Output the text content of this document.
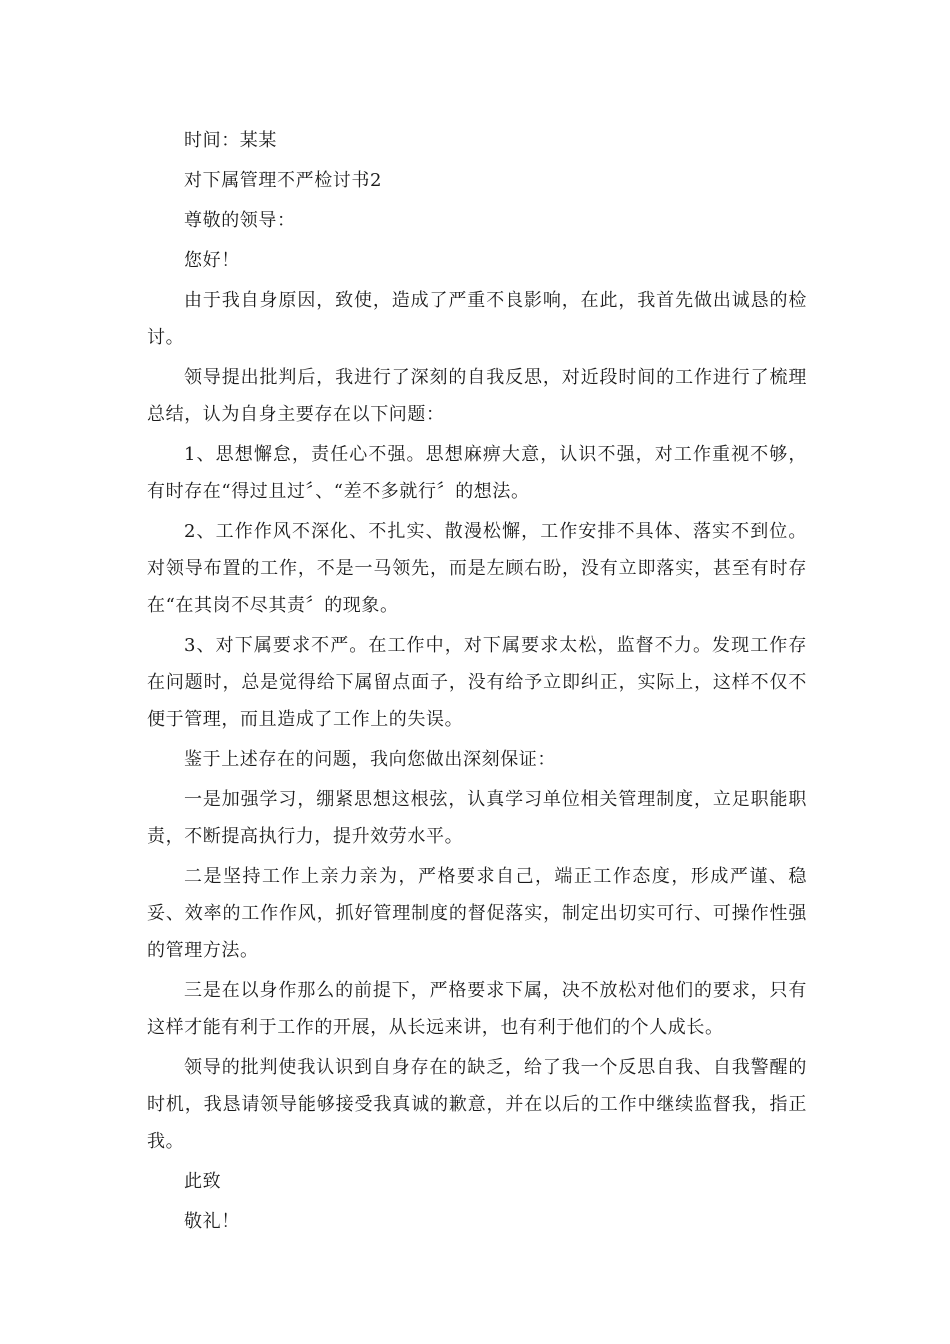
时间：某某

对下属管理不严检讨书2

尊敬的领导：

您好！

由于我自身原因，致使，造成了严重不良影响，在此，我首先做出诚恳的检讨。

领导提出批判后，我进行了深刻的自我反思，对近段时间的工作进行了梳理总结，认为自身主要存在以下问题：

1、思想懈怠，责任心不强。思想麻痹大意，认识不强，对工作重视不够，有时存在“得过且过〞、“差不多就行〞的想法。

2、工作作风不深化、不扎实、散漫松懈，工作安排不具体、落实不到位。对领导布置的工作，不是一马领先，而是左顾右盼，没有立即落实，甚至有时存在“在其岗不尽其责〞的现象。

3、对下属要求不严。在工作中，对下属要求太松，监督不力。发现工作存在问题时，总是觉得给下属留点面子，没有给予立即纠正，实际上，这样不仅不便于管理，而且造成了工作上的失误。

鉴于上述存在的问题，我向您做出深刻保证：

一是加强学习，绷紧思想这根弦，认真学习单位相关管理制度，立足职能职责，不断提高执行力，提升效劳水平。

二是坚持工作上亲力亲为，严格要求自己，端正工作态度，形成严谨、稳妥、效率的工作作风，抓好管理制度的督促落实，制定出切实可行、可操作性强的管理方法。

三是在以身作那么的前提下，严格要求下属，决不放松对他们的要求，只有这样才能有利于工作的开展，从长远来讲，也有利于他们的个人成长。

领导的批判使我认识到自身存在的缺乏，给了我一个反思自我、自我警醒的时机，我恳请领导能够接受我真诚的歉意，并在以后的工作中继续监督我，指正我。

此致

敬礼！
